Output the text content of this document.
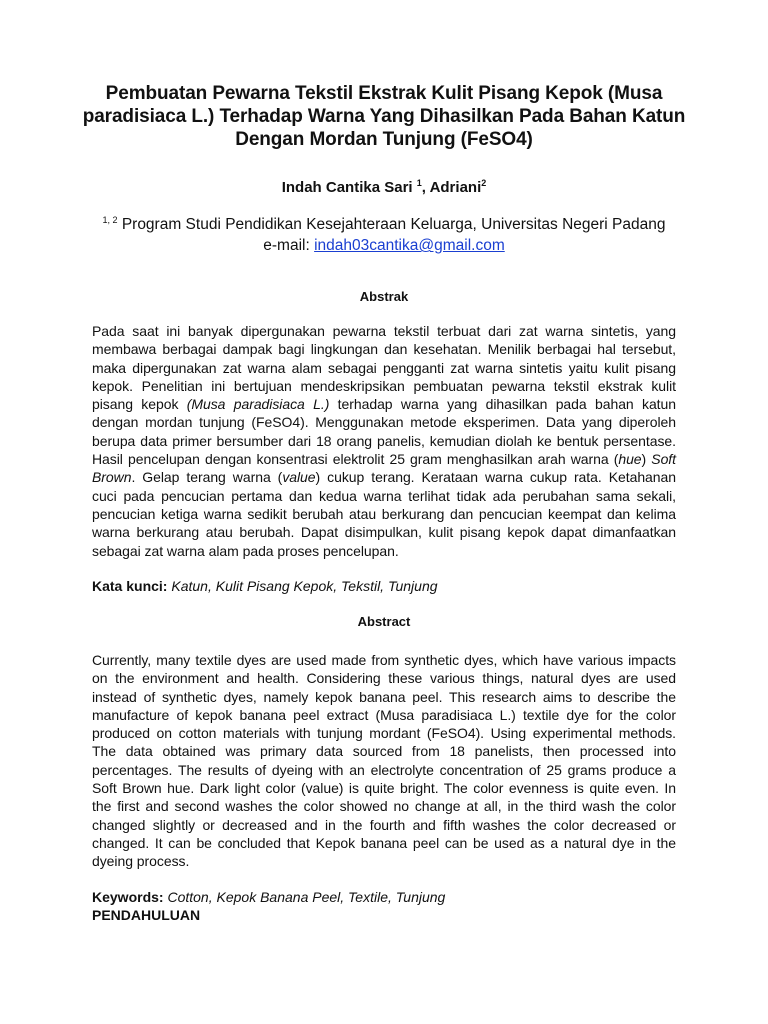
Pembuatan Pewarna Tekstil Ekstrak Kulit Pisang Kepok (Musa
paradisiaca L.) Terhadap Warna Yang Dihasilkan Pada Bahan Katun
Dengan Mordan Tunjung (FeSO4)
Indah Cantika Sari $^1$, Adriani$^2$
$^{1, 2}$ Program Studi Pendidikan Kesejahteraan Keluarga, Universitas Negeri Padang
e-mail: indah03cantika@gmail.com
Abstrak
Pada saat ini banyak dipergunakan pewarna tekstil terbuat dari zat warna sintetis, yang
membawa berbagai dampak bagi lingkungan dan kesehatan. Menilik berbagai hal tersebut,
maka dipergunakan zat warna alam sebagai pengganti zat warna sintetis yaitu kulit pisang
kepok. Penelitian ini bertujuan mendeskripsikan pembuatan pewarna tekstil ekstrak kulit
pisang kepok (Musa paradisiaca L.) terhadap warna yang dihasilkan pada bahan katun
dengan mordan tunjung (FeSO4). Menggunakan metode eksperimen. Data yang diperoleh
berupa data primer bersumber dari 18 orang panelis, kemudian diolah ke bentuk persentase.
Hasil pencelupan dengan konsentrasi elektrolit 25 gram menghasilkan arah warna (hue) Soft
Brown. Gelap terang warna (value) cukup terang. Kerataan warna cukup rata. Ketahanan
cuci pada pencucian pertama dan kedua warna terlihat tidak ada perubahan sama sekali,
pencucian ketiga warna sedikit berubah atau berkurang dan pencucian keempat dan kelima
warna berkurang atau berubah. Dapat disimpulkan, kulit pisang kepok dapat dimanfaatkan
sebagai zat warna alam pada proses pencelupan.
Kata kunci: Katun, Kulit Pisang Kepok, Tekstil, Tunjung
Abstract
Currently, many textile dyes are used made from synthetic dyes, which have various impacts
on the environment and health. Considering these various things, natural dyes are used
instead of synthetic dyes, namely kepok banana peel. This research aims to describe the
manufacture of kepok banana peel extract (Musa paradisiaca L.) textile dye for the color
produced on cotton materials with tunjung mordant (FeSO4). Using experimental methods.
The data obtained was primary data sourced from 18 panelists, then processed into
percentages. The results of dyeing with an electrolyte concentration of 25 grams produce a
Soft Brown hue. Dark light color (value) is quite bright. The color evenness is quite even. In
the first and second washes the color showed no change at all, in the third wash the color
changed slightly or decreased and in the fourth and fifth washes the color decreased or
changed. It can be concluded that Kepok banana peel can be used as a natural dye in the
dyeing process.
Keywords: Cotton, Kepok Banana Peel, Textile, Tunjung
PENDAHULUAN
